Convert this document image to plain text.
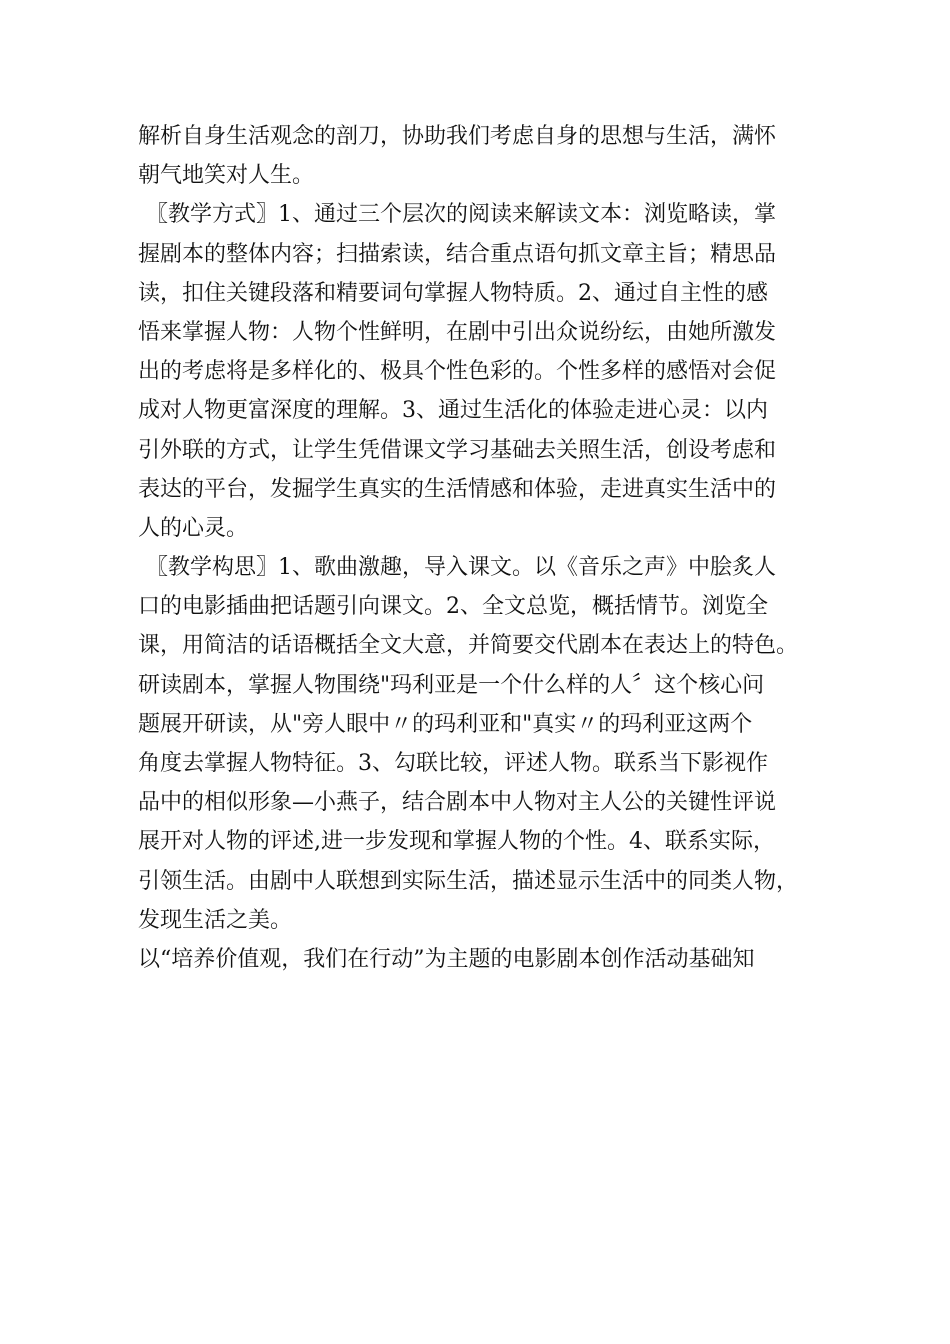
解析自身生活观念的剖刀，协助我们考虑自身的思想与生活，满怀
朝气地笑对人生。
〖教学方式〗1、通过三个层次的阅读来解读文本：浏览略读，掌
握剧本的整体内容；扫描索读，结合重点语句抓文章主旨；精思品
读，扣住关键段落和精要词句掌握人物特质。2、通过自主性的感
悟来掌握人物：人物个性鲜明，在剧中引出众说纷纭，由她所激发
出的考虑将是多样化的、极具个性色彩的。个性多样的感悟对会促
成对人物更富深度的理解。3、通过生活化的体验走进心灵：以内
引外联的方式，让学生凭借课文学习基础去关照生活，创设考虑和
表达的平台，发掘学生真实的生活情感和体验，走进真实生活中的
人的心灵。
〖教学构思〗1、歌曲激趣，导入课文。以《音乐之声》中脍炙人
口的电影插曲把话题引向课文。2、全文总览，概括情节。浏览全
课，用简洁的话语概括全文大意，并简要交代剧本在表达上的特色。
研读剧本，掌握人物围绕"玛利亚是一个什么样的人〞这个核心问
题展开研读，从"旁人眼中〃的玛利亚和"真实〃的玛利亚这两个
角度去掌握人物特征。3、勾联比较，评述人物。联系当下影视作
品中的相似形象—小燕子，结合剧本中人物对主人公的关键性评说
展开对人物的评述,进一步发现和掌握人物的个性。4、联系实际，
引领生活。由剧中人联想到实际生活，描述显示生活中的同类人物，
发现生活之美。
以“培养价值观，我们在行动”为主题的电影剧本创作活动基础知
